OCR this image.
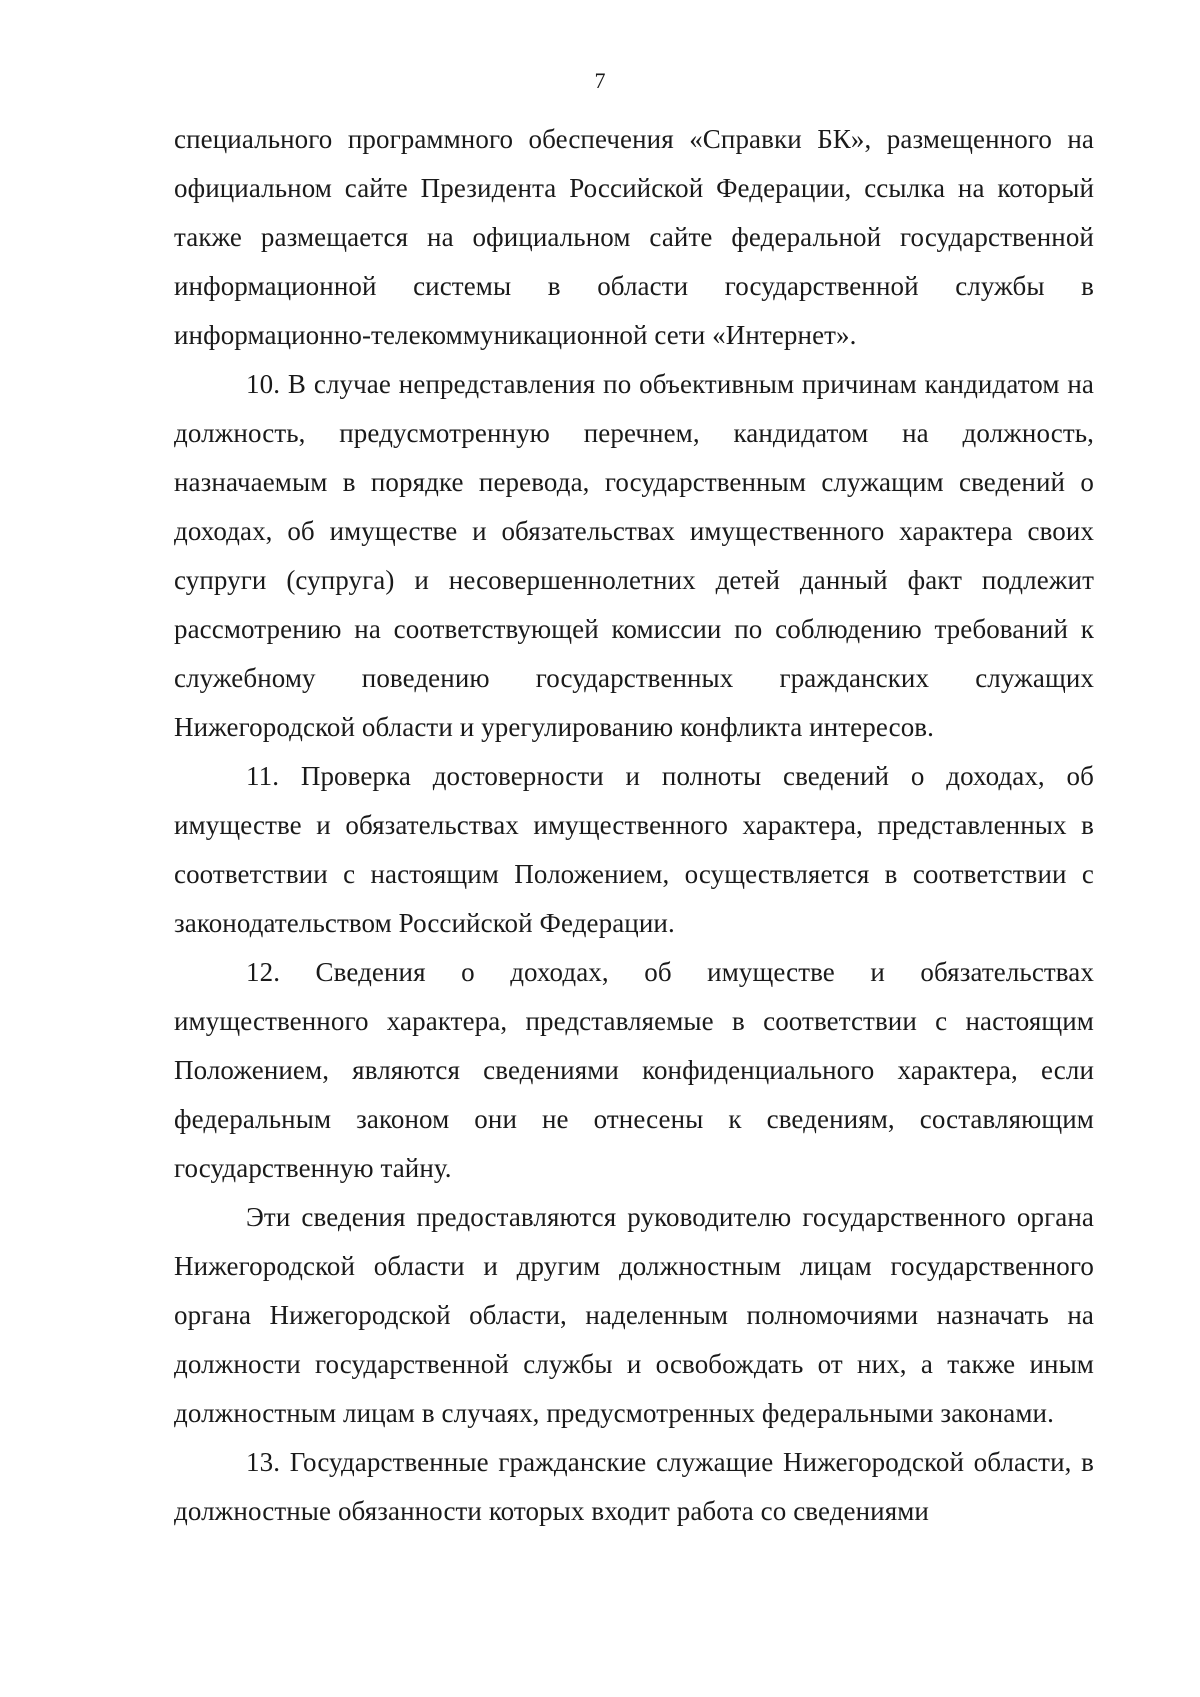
7

специального программного обеспечения «Справки БК», размещенного на официальном сайте Президента Российской Федерации, ссылка на который также размещается на официальном сайте федеральной государственной информационной системы в области государственной службы в информационно-телекоммуникационной сети «Интернет».

10. В случае непредставления по объективным причинам кандидатом на должность, предусмотренную перечнем, кандидатом на должность, назначаемым в порядке перевода, государственным служащим сведений о доходах, об имуществе и обязательствах имущественного характера своих супруги (супруга) и несовершеннолетних детей данный факт подлежит рассмотрению на соответствующей комиссии по соблюдению требований к служебному поведению государственных гражданских служащих Нижегородской области и урегулированию конфликта интересов.

11. Проверка достоверности и полноты сведений о доходах, об имуществе и обязательствах имущественного характера, представленных в соответствии с настоящим Положением, осуществляется в соответствии с законодательством Российской Федерации.

12. Сведения о доходах, об имуществе и обязательствах имущественного характера, представляемые в соответствии с настоящим Положением, являются сведениями конфиденциального характера, если федеральным законом они не отнесены к сведениям, составляющим государственную тайну.

Эти сведения предоставляются руководителю государственного органа Нижегородской области и другим должностным лицам государственного органа Нижегородской области, наделенным полномочиями назначать на должности государственной службы и освобождать от них, а также иным должностным лицам в случаях, предусмотренных федеральными законами.

13. Государственные гражданские служащие Нижегородской области, в должностные обязанности которых входит работа со сведениями
